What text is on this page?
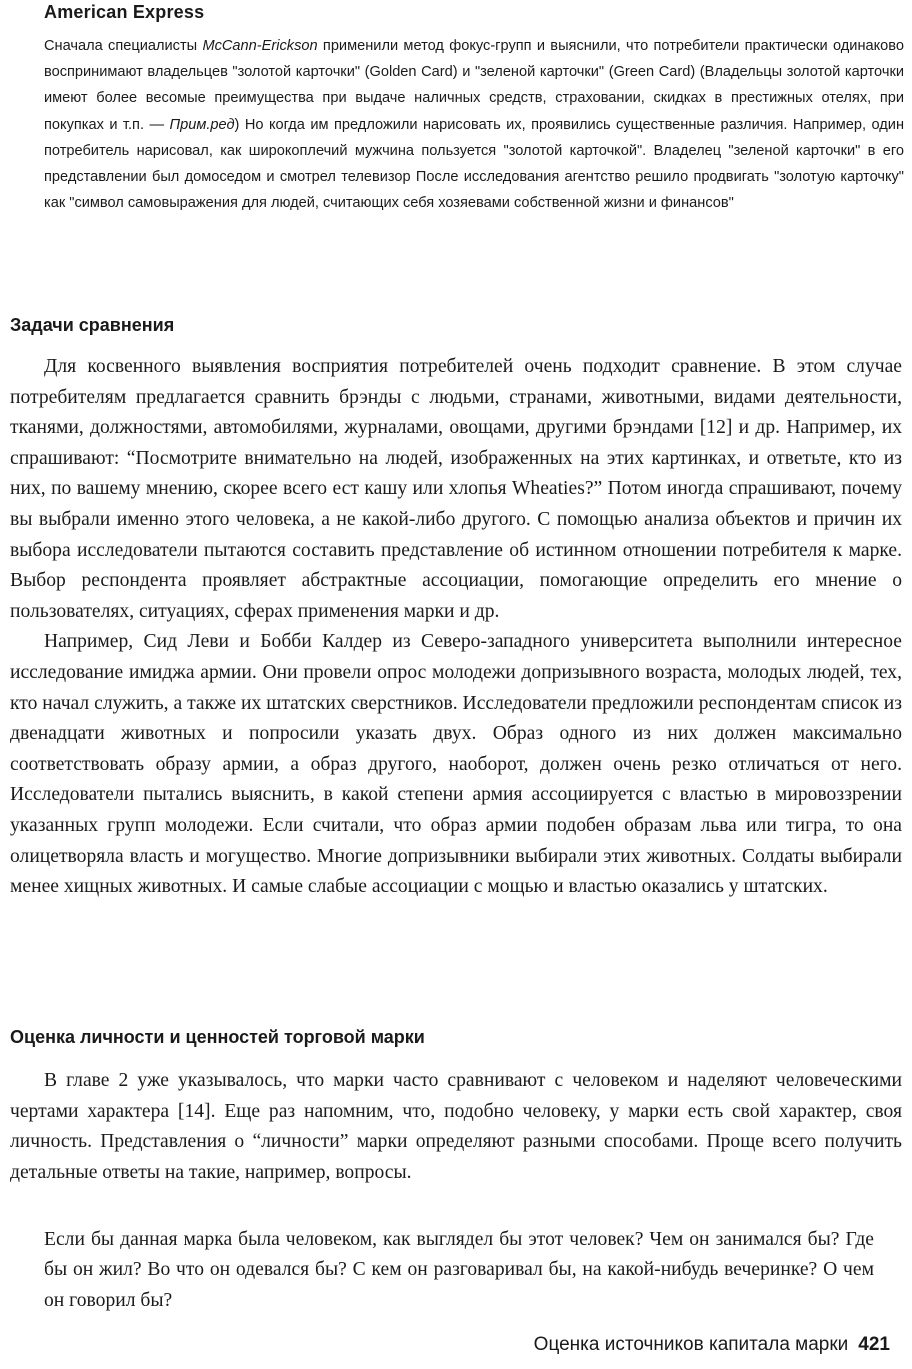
American Express

Сначала специалисты McCann-Erickson применили метод фокус-групп и выяснили, что потребители практически одинаково воспринимают владельцев "золотой карточки" (Golden Card) и "зеленой карточки" (Green Card) (Владельцы золотой карточки имеют более весомые преимущества при выдаче наличных средств, страховании, скидках в престижных отелях, при покупках и т.п. — Прим.ред) Но когда им предложили нарисовать их, проявились существенные различия. Например, один потребитель нарисовал, как широкоплечий мужчина пользуется "золотой карточкой". Владелец "зеленой карточки" в его представлении был домоседом и смотрел телевизор После исследования агентство решило продвигать "золотую карточку" как "символ самовыражения для людей, считающих себя хозяевами собственной жизни и финансов"

Задачи сравнения

Для косвенного выявления восприятия потребителей очень подходит сравнение. В этом случае потребителям предлагается сравнить брэнды с людьми, странами, животными, видами деятельности, тканями, должностями, автомобилями, журналами, овощами, другими брэндами [12] и др. Например, их спрашивают: “Посмотрите внимательно на людей, изображенных на этих картинках, и ответьте, кто из них, по вашему мнению, скорее всего ест кашу или хлопья Wheaties?” Потом иногда спрашивают, почему вы выбрали именно этого человека, а не какой-либо другого. С помощью анализа объектов и причин их выбора исследователи пытаются составить представление об истинном отношении потребителя к марке. Выбор респондента проявляет абстрактные ассоциации, помогающие определить его мнение о пользователях, ситуациях, сферах применения марки и др.

Например, Сид Леви и Бобби Калдер из Северо-западного университета выполнили интересное исследование имиджа армии. Они провели опрос молодежи допризывного возраста, молодых людей, тех, кто начал служить, а также их штатских сверстников. Исследователи предложили респондентам список из двенадцати животных и попросили указать двух. Образ одного из них должен максимально соответствовать образу армии, а образ другого, наоборот, должен очень резко отличаться от него. Исследователи пытались выяснить, в какой степени армия ассоциируется с властью в мировоззрении указанных групп молодежи. Если считали, что образ армии подобен образам льва или тигра, то она олицетворяла власть и могущество. Многие допризывники выбирали этих животных. Солдаты выбирали менее хищных животных. И самые слабые ассоциации с мощью и властью оказались у штатских.

Оценка личности и ценностей торговой марки

В главе 2 уже указывалось, что марки часто сравнивают с человеком и наделяют человеческими чертами характера [14]. Еще раз напомним, что, подобно человеку, у марки есть свой характер, своя личность. Представления о “личности” марки определяют разными способами. Проще всего получить детальные ответы на такие, например, вопросы.

Если бы данная марка была человеком, как выглядел бы этот человек? Чем он занимался бы? Где бы он жил? Во что он одевался бы? С кем он разговаривал бы, на какой-нибудь вечеринке? О чем он говорил бы?

Оценка источников капитала марки 421
